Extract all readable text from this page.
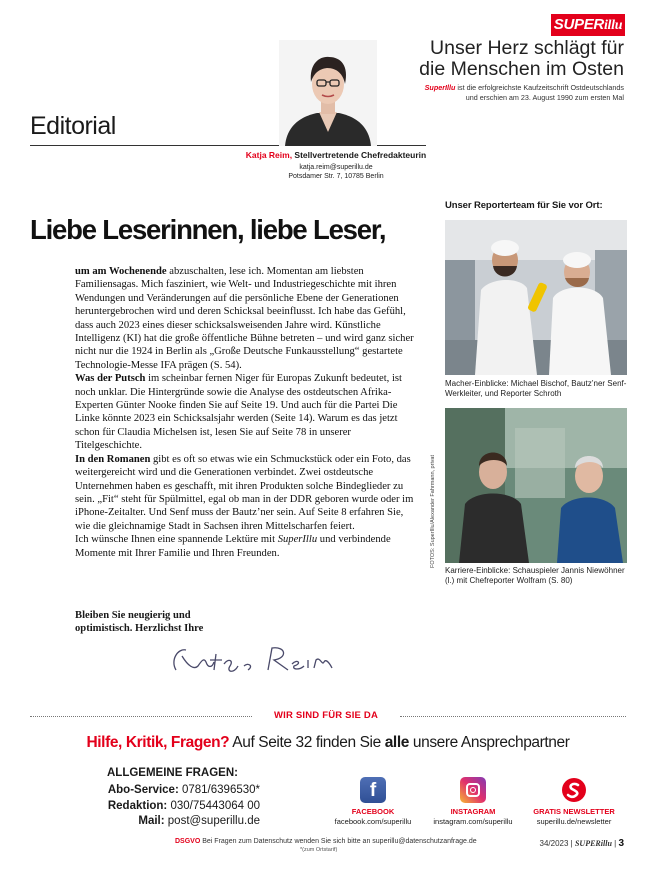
SUPERillu
Unser Herz schlägt für
die Menschen im Osten
SuperIllu ist die erfolgreichste Kaufzeitschrift Ostdeutschlands
und erschien am 23. August 1990 zum ersten Mal
Editorial
Katja Reim, Stellvertretende Chefredakteurin
katja.reim@superillu.de
Potsdamer Str. 7, 10785 Berlin
Liebe Leserinnen, liebe Leser,

um am Wochenende abzuschalten, lese ich. Momentan am liebsten Familiensagas. Mich fasziniert, wie Welt- und Industriegeschichte mit ihren Wendungen und Veränderungen auf die persönliche Ebene der Generationen heruntergebrochen wird und deren Schicksal beeinflusst. Ich habe das Gefühl, dass auch 2023 eines dieser schicksalsweisenden Jahre wird. Künstliche Intelligenz (KI) hat die große öffentliche Bühne betreten – und wird ganz sicher nicht nur die 1924 in Berlin als „Große Deutsche Funkausstellung“ gestartete Technologie-Messe IFA prägen (S. 54).

Was der Putsch im scheinbar fernen Niger für Europas Zukunft bedeutet, ist noch unklar. Die Hintergründe sowie die Analyse des ostdeutschen Afrika-Experten Günter Nooke finden Sie auf Seite 19. Und auch für die Partei Die Linke könnte 2023 ein Schicksalsjahr werden (Seite 14). Warum es das jetzt schon für Claudia Michelsen ist, lesen Sie auf Seite 78 in unserer Titelgeschichte.

In den Romanen gibt es oft so etwas wie ein Schmuckstück oder ein Foto, das weitergereicht wird und die Generationen verbindet. Zwei ostdeutsche Unternehmen haben es geschafft, mit ihren Produkten solche Bindeglieder zu sein. „Fit“ steht für Spülmittel, egal ob man in der DDR geboren wurde oder im iPhone-Zeitalter. Und Senf muss der Bautz’ner sein. Auf Seite 8 erfahren Sie, wie die gleichnamige Stadt in Sachsen ihren Mittelscharfen feiert.

Ich wünsche Ihnen eine spannende Lektüre mit SuperIllu und verbindende Momente mit Ihrer Familie und Ihren Freunden.

Bleiben Sie neugierig und
optimistisch. Herzlichst Ihre
Unser Reporterteam für Sie vor Ort:
Macher-Einblicke: Michael Bischof, Bautz’ner Senf-Werkleiter, und Reporter Schroth
FOTOS: SuperIllu/Alexander Fahrmann, privat
Karriere-Einblicke: Schauspieler Jannis Niewöhner (l.) mit Chefreporter Wolfram (S. 80)
WIR SIND FÜR SIE DA
Hilfe, Kritik, Fragen? Auf Seite 32 finden Sie alle unsere Ansprechpartner
ALLGEMEINE FRAGEN:
Abo-Service: 0781/6396530*
Redaktion: 030/75443064 00
Mail: post@superillu.de
f
FACEBOOK
facebook.com/superillu
INSTAGRAM
instagram.com/superillu
GRATIS NEWSLETTER
superillu.de/newsletter
DSGVO Bei Fragen zum Datenschutz wenden Sie sich bitte an superillu@datenschutzanfrage.de
*(zum Ortstarif)
34/2023 | SUPERillu | 3
